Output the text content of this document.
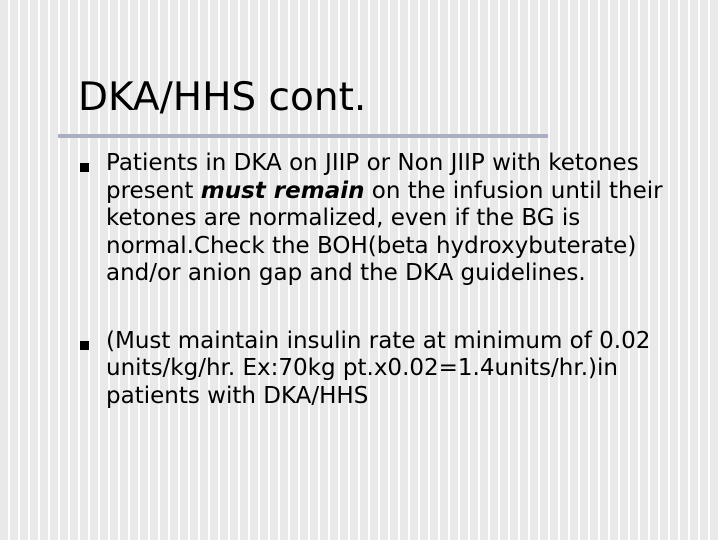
DKA/HHS cont.
Patients in DKA on JIIP or Non JIIP with ketones present must remain on the infusion until their ketones are normalized, even if the BG is normal.Check the BOH(beta hydroxybuterate) and/or anion gap and the DKA guidelines.
(Must maintain insulin rate at minimum of 0.02 units/kg/hr. Ex:70kg pt.x0.02=1.4units/hr.)in patients with DKA/HHS
